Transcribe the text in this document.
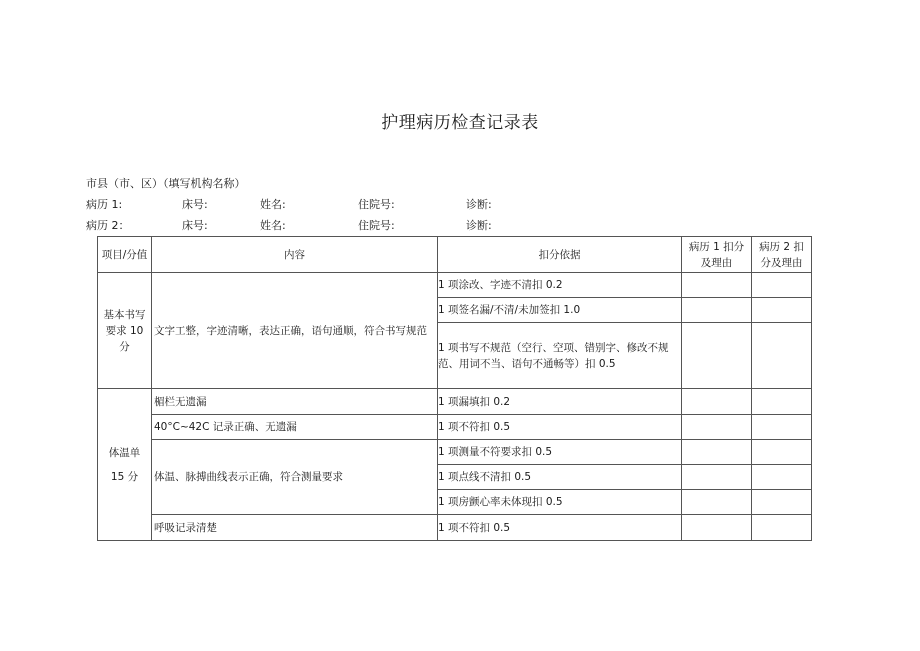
护理病历检查记录表
市县（市、区）（填写机构名称）
病历 1:	床号:	姓名:	住院号:	诊断:
病历 2：	床号:	姓名:	住院号:	诊断:
项目/分值	内容	扣分依据	病历 1 扣分及理由	病历 2 扣分及理由
基本书写要求 10 分	文字工整，字迹清晰，表达正确，语句通顺，符合书写规范	1 项涂改、字迹不清扣 0.2		
		1 项签名漏/不清/未加签扣 1.0		
		1 项书写不规范（空行、空项、错别字、修改不规范、用词不当、语句不通畅等）扣 0.5		

体温单
15 分	楣栏无遗漏	1 项漏填扣 0.2		
	40°C~42C 记录正确、无遗漏	1 项不符扣 0.5		
	体温、脉搏曲线表示正确，符合测量要求	1 项测量不符要求扣 0.5		
		1 项点线不清扣 0.5		
		1 项房颤心率未体现扣 0.5		
	呼吸记录清楚	1 项不符扣 0.5		
